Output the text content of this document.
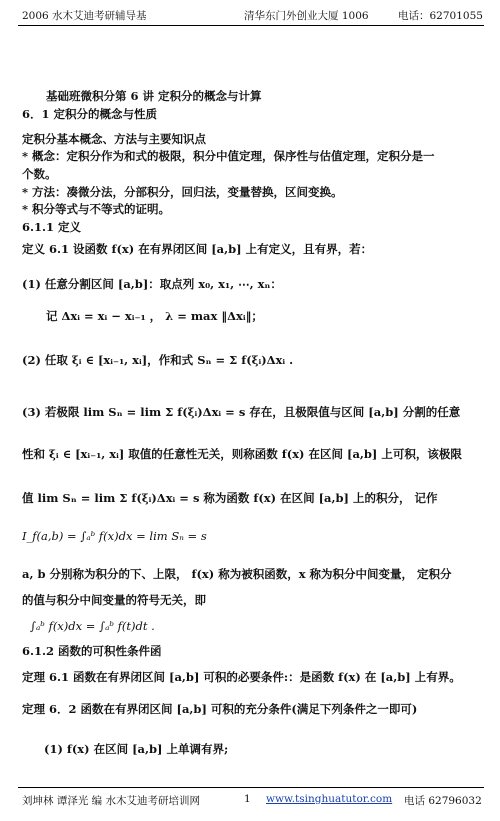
2006 水木艾迪考研辅导基	清华东门外创业大厦 1006	电话：62701055
基础班微积分第 6 讲 定积分的概念与计算
6．1 定积分的概念与性质
定积分基本概念、方法与主要知识点
* 概念：定积分作为和式的极限，积分中值定理，保序性与估值定理，定积分是一
个数。
* 方法：凑微分法，分部积分，回归法，变量替换，区间变换。
* 积分等式与不等式的证明。
6.1.1 定义
定义 6.1 设函数 f(x) 在有界闭区间 [a,b] 上有定义，且有界，若：
(1) 任意分割区间 [a,b]：取点列 x₀, x₁, ⋯, xₙ：
记 Δxᵢ = xᵢ − xᵢ₋₁ ， λ = max ‖Δxᵢ‖；
(2) 任取 ξᵢ ∈ [xᵢ₋₁, xᵢ]，作和式 Sₙ = Σ f(ξᵢ)Δxᵢ .
(3) 若极限 lim Sₙ = lim Σ f(ξᵢ)Δxᵢ = s 存在，且极限值与区间 [a,b] 分割的任意
性和 ξᵢ ∈ [xᵢ₋₁, xᵢ] 取值的任意性无关，则称函数 f(x) 在区间 [a,b] 上可积，该极限
值 lim Sₙ = lim Σ f(ξᵢ)Δxᵢ = s 称为函数 f(x) 在区间 [a,b] 上的积分， 记作
I_f(a,b) = ∫ₐᵇ f(x)dx = lim Sₙ = s
a, b 分别称为积分的下、上限， f(x) 称为被积函数，x 称为积分中间变量， 定积分
的值与积分中间变量的符号无关，即
∫ₐᵇ f(x)dx = ∫ₐᵇ f(t)dt .
6.1.2 函数的可积性条件函
定理 6.1 函数在有界闭区间 [a,b] 可积的必要条件:：是函数 f(x) 在 [a,b] 上有界。
定理 6．2 函数在有界闭区间 [a,b] 可积的充分条件(满足下列条件之一即可)
(1) f(x) 在区间 [a,b] 上单调有界;
刘坤林 谭泽光 编 水木艾迪考研培训网	1 www.tsinghuatutor.com 电话 62796032
